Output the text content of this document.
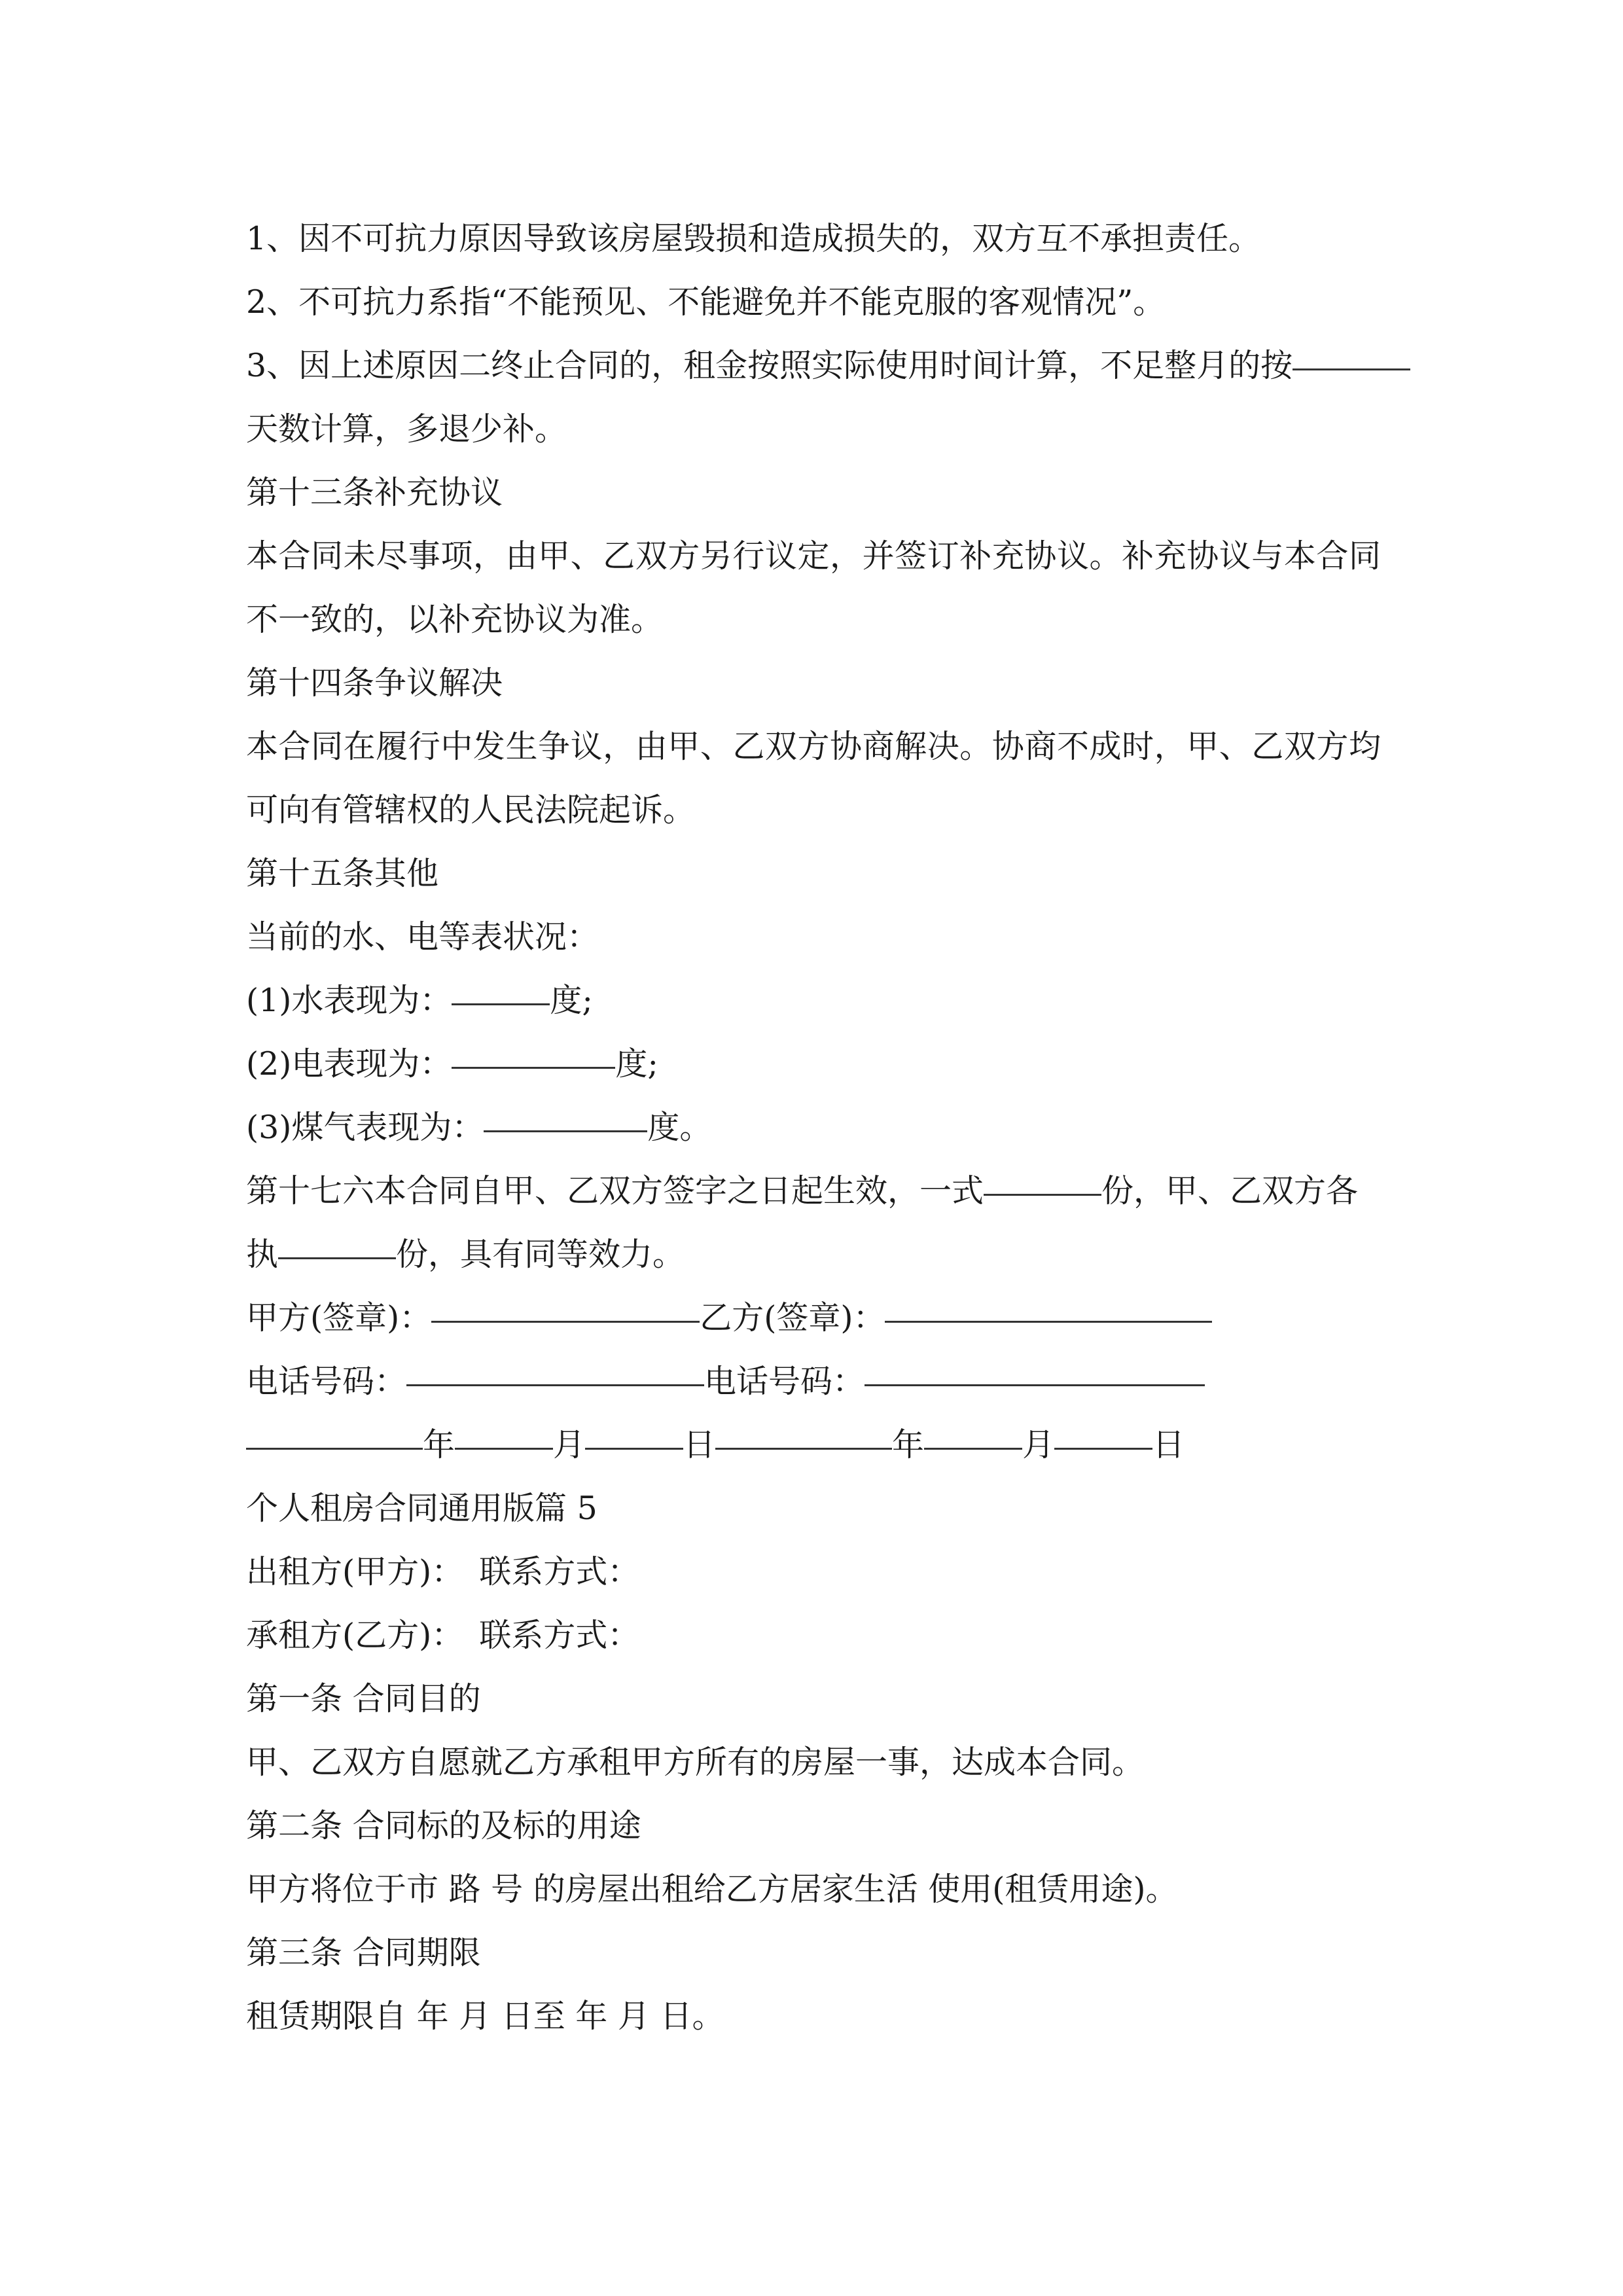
1、因不可抗力原因导致该房屋毁损和造成损失的，双方互不承担责任。
2、不可抗力系指“不能预见、不能避免并不能克服的客观情况”。
3、因上述原因二终止合同的，租金按照实际使用时间计算，不足整月的按
天数计算，多退少补。
第十三条补充协议
本合同未尽事项，由甲、乙双方另行议定，并签订补充协议。补充协议与本合同
不一致的，以补充协议为准。
第十四条争议解决
本合同在履行中发生争议，由甲、乙双方协商解决。协商不成时，甲、乙双方均
可向有管辖权的人民法院起诉。
第十五条其他
当前的水、电等表状况：
(1)水表现为：	度;
(2)电表现为：	度;
(3)煤气表现为：	度。
第十七六本合同自甲、乙双方签字之日起生效，一式	份，甲、乙双方各
执	份，具有同等效力。
甲方(签章)：	乙方(签章)：
电话号码：	电话号码：
年	月	日	年	月	日
个人租房合同通用版篇 5
出租方(甲方)： 联系方式：
承租方(乙方)： 联系方式：
第一条 合同目的
甲、乙双方自愿就乙方承租甲方所有的房屋一事，达成本合同。
第二条 合同标的及标的用途
甲方将位于市 路 号 的房屋出租给乙方居家生活 使用(租赁用途)。
第三条 合同期限
租赁期限自 年 月 日至 年 月 日。
